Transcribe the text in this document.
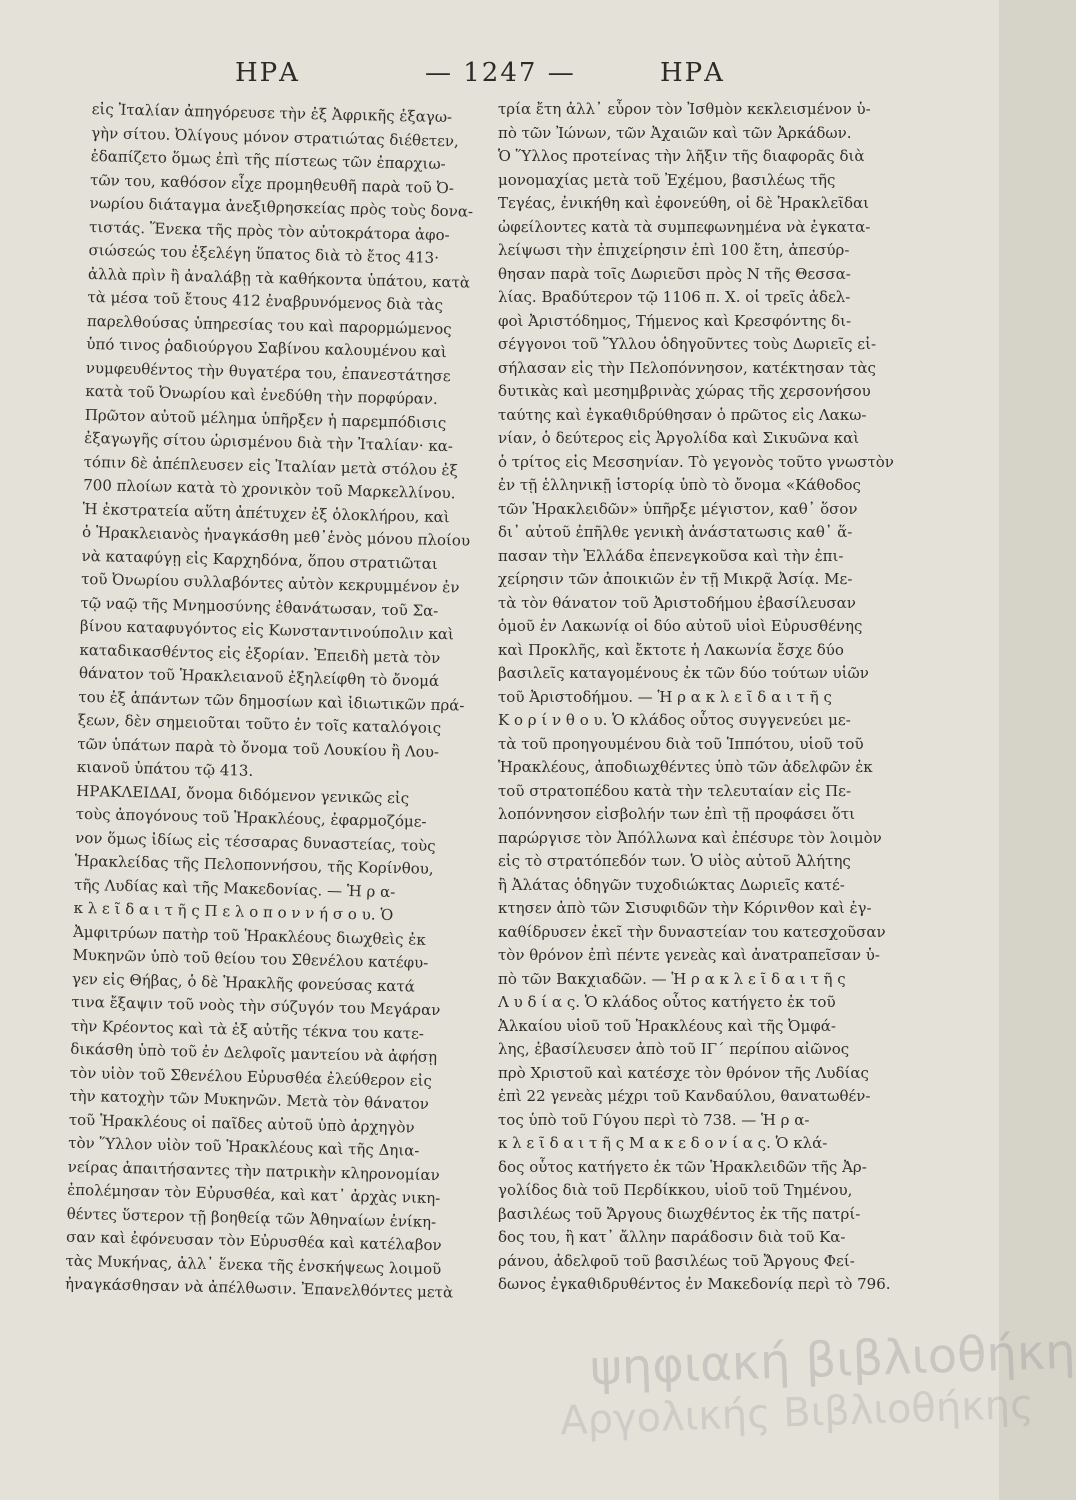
ΗΡΑ	— 1247 —	ΗΡΑ
εἰς Ἰταλίαν ἀπηγόρευσε τὴν ἐξ Ἀφρικῆς ἐξαγω-
γὴν σίτου. Ὀλίγους μόνον στρατιώτας διέθετεν,
ἐδαπίζετο ὅμως ἐπὶ τῆς πίστεως τῶν ἐπαρχιω-
τῶν του, καθόσον εἶχε προμηθευθῆ παρὰ τοῦ Ὀ-
νωρίου διάταγμα ἀνεξιθρησκείας πρὸς τοὺς δονα-
τιστάς. Ἕνεκα τῆς πρὸς τὸν αὐτοκράτορα ἀφο-
σιώσεώς του ἐξελέγη ὕπατος διὰ τὸ ἔτος 413·
ἀλλὰ πρὶν ἢ ἀναλάβῃ τὰ καθήκοντα ὑπάτου, κατὰ
τὰ μέσα τοῦ ἔτους 412 ἐναβρυνόμενος διὰ τὰς
παρελθούσας ὑπηρεσίας του καὶ παρορμώμενος
ὑπό τινος ῥαδιούργου Σαβίνου καλουμένου καὶ
νυμφευθέντος τὴν θυγατέρα του, ἐπανεστάτησε
κατὰ τοῦ Ὀνωρίου καὶ ἐνεδύθη τὴν πορφύραν.
Πρῶτον αὐτοῦ μέλημα ὑπῆρξεν ἡ παρεμπόδισις
ἐξαγωγῆς σίτου ὡρισμένου διὰ τὴν Ἰταλίαν· κα-
τόπιν δὲ ἀπέπλευσεν εἰς Ἰταλίαν μετὰ στόλου ἐξ
700 πλοίων κατὰ τὸ χρονικὸν τοῦ Μαρκελλίνου.
Ἡ ἐκστρατεία αὕτη ἀπέτυχεν ἐξ ὁλοκλήρου, καὶ
ὁ Ἡρακλειανὸς ἠναγκάσθη μεθ᾽ἑνὸς μόνου πλοίου
νὰ καταφύγῃ εἰς Καρχηδόνα, ὅπου στρατιῶται
τοῦ Ὀνωρίου συλλαβόντες αὐτὸν κεκρυμμένον ἐν
τῷ ναῷ τῆς Μνημοσύνης ἐθανάτωσαν, τοῦ Σα-
βίνου καταφυγόντος εἰς Κωνσταντινούπολιν καὶ
καταδικασθέντος εἰς ἐξορίαν. Ἐπειδὴ μετὰ τὸν
θάνατον τοῦ Ἡρακλειανοῦ ἐξηλείφθη τὸ ὄνομά
του ἐξ ἁπάντων τῶν δημοσίων καὶ ἰδιωτικῶν πρά-
ξεων, δὲν σημειοῦται τοῦτο ἐν τοῖς καταλόγοις
τῶν ὑπάτων παρὰ τὸ ὄνομα τοῦ Λουκίου ἢ Λου-
κιανοῦ ὑπάτου τῷ 413.
ΗΡΑΚΛΕΙΔΑΙ, ὄνομα διδόμενον γενικῶς εἰς
τοὺς ἀπογόνους τοῦ Ἡρακλέους, ἐφαρμοζόμε-
νον ὅμως ἰδίως εἰς τέσσαρας δυναστείας, τοὺς
Ἡρακλείδας τῆς Πελοποννήσου, τῆς Κορίνθου,
τῆς Λυδίας καὶ τῆς Μακεδονίας. — Ἡ ρ α-
κ λ ε ῖ δ α ι τ ῆ ς Π ε λ ο π ο ν ν ή σ ο υ. Ὁ
Ἀμφιτρύων πατὴρ τοῦ Ἡρακλέους διωχθεὶς ἐκ
Μυκηνῶν ὑπὸ τοῦ θείου του Σθενέλου κατέφυ-
γεν εἰς Θήβας, ὁ δὲ Ἡρακλῆς φονεύσας κατά
τινα ἔξαψιν τοῦ νοὸς τὴν σύζυγόν του Μεγάραν
τὴν Κρέοντος καὶ τὰ ἐξ αὐτῆς τέκνα του κατε-
δικάσθη ὑπὸ τοῦ ἐν Δελφοῖς μαντείου νὰ ἀφήσῃ
τὸν υἱὸν τοῦ Σθενέλου Εὐρυσθέα ἐλεύθερον εἰς
τὴν κατοχὴν τῶν Μυκηνῶν. Μετὰ τὸν θάνατον
τοῦ Ἡρακλέους οἱ παῖδες αὐτοῦ ὑπὸ ἀρχηγὸν
τὸν Ὕλλον υἱὸν τοῦ Ἡρακλέους καὶ τῆς Δηια-
νείρας ἀπαιτήσαντες τὴν πατρικὴν κληρονομίαν
ἐπολέμησαν τὸν Εὐρυσθέα, καὶ κατ᾽ ἀρχὰς νικη-
θέντες ὕστερον τῇ βοηθείᾳ τῶν Ἀθηναίων ἐνίκη-
σαν καὶ ἐφόνευσαν τὸν Εὐρυσθέα καὶ κατέλαβον
τὰς Μυκήνας, ἀλλ᾽ ἕνεκα τῆς ἐνσκήψεως λοιμοῦ
ἠναγκάσθησαν νὰ ἀπέλθωσιν. Ἐπανελθόντες μετὰ
τρία ἔτη ἀλλ᾽ εὗρον τὸν Ἰσθμὸν κεκλεισμένον ὑ-
πὸ τῶν Ἰώνων, τῶν Ἀχαιῶν καὶ τῶν Ἀρκάδων.
Ὁ Ὕλλος προτείνας τὴν λῆξιν τῆς διαφορᾶς διὰ
μονομαχίας μετὰ τοῦ Ἐχέμου, βασιλέως τῆς
Τεγέας, ἐνικήθη καὶ ἐφονεύθη, οἱ δὲ Ἡρακλεῖδαι
ὠφείλοντες κατὰ τὰ συμπεφωνημένα νὰ ἐγκατα-
λείψωσι τὴν ἐπιχείρησιν ἐπὶ 100 ἔτη, ἀπεσύρ-
θησαν παρὰ τοῖς Δωριεῦσι πρὸς Ν τῆς Θεσσα-
λίας. Βραδύτερον τῷ 1106 π. Χ. οἱ τρεῖς ἀδελ-
φοὶ Ἀριστόδημος, Τήμενος καὶ Κρεσφόντης δι-
σέγγονοι τοῦ Ὕλλου ὁδηγοῦντες τοὺς Δωριεῖς εἰ-
σήλασαν εἰς τὴν Πελοπόννησον, κατέκτησαν τὰς
δυτικὰς καὶ μεσημβρινὰς χώρας τῆς χερσονήσου
ταύτης καὶ ἐγκαθιδρύθησαν ὁ πρῶτος εἰς Λακω-
νίαν, ὁ δεύτερος εἰς Ἀργολίδα καὶ Σικυῶνα καὶ
ὁ τρίτος εἰς Μεσσηνίαν. Τὸ γεγονὸς τοῦτο γνωστὸν
ἐν τῇ ἑλληνικῇ ἱστορίᾳ ὑπὸ τὸ ὄνομα «Κάθοδος
τῶν Ἡρακλειδῶν» ὑπῆρξε μέγιστον, καθ᾽ ὅσον
δι᾽ αὐτοῦ ἐπῆλθε γενικὴ ἀνάστατωσις καθ᾽ ἅ-
πασαν τὴν Ἑλλάδα ἐπενεγκοῦσα καὶ τὴν ἐπι-
χείρησιν τῶν ἀποικιῶν ἐν τῇ Μικρᾷ Ἀσίᾳ. Με-
τὰ τὸν θάνατον τοῦ Ἀριστοδήμου ἐβασίλευσαν
ὁμοῦ ἐν Λακωνίᾳ οἱ δύο αὐτοῦ υἱοὶ Εὐρυσθένης
καὶ Προκλῆς, καὶ ἔκτοτε ἡ Λακωνία ἔσχε δύο
βασιλεῖς καταγομένους ἐκ τῶν δύο τούτων υἱῶν
τοῦ Ἀριστοδήμου. — Ἡ ρ α κ λ ε ῖ δ α ι τ ῆ ς
Κ ο ρ ί ν θ ο υ. Ὁ κλάδος οὗτος συγγενεύει με-
τὰ τοῦ προηγουμένου διὰ τοῦ Ἱππότου, υἱοῦ τοῦ
Ἡρακλέους, ἀποδιωχθέντες ὑπὸ τῶν ἀδελφῶν ἐκ
τοῦ στρατοπέδου κατὰ τὴν τελευταίαν εἰς Πε-
λοπόννησον εἰσβολήν των ἐπὶ τῇ προφάσει ὅτι
παρώργισε τὸν Ἀπόλλωνα καὶ ἐπέσυρε τὸν λοιμὸν
εἰς τὸ στρατόπεδόν των. Ὁ υἱὸς αὐτοῦ Ἀλήτης
ἢ Ἀλάτας ὁδηγῶν τυχοδιώκτας Δωριεῖς κατέ-
κτησεν ἀπὸ τῶν Σισυφιδῶν τὴν Κόρινθον καὶ ἐγ-
καθίδρυσεν ἐκεῖ τὴν δυναστείαν του κατεσχοῦσαν
τὸν θρόνον ἐπὶ πέντε γενεὰς καὶ ἀνατραπεῖσαν ὑ-
πὸ τῶν Βακχιαδῶν. — Ἡ ρ α κ λ ε ῖ δ α ι τ ῆ ς
Λ υ δ ί α ς. Ὁ κλάδος οὗτος κατήγετο ἐκ τοῦ
Ἀλκαίου υἱοῦ τοῦ Ἡρακλέους καὶ τῆς Ὀμφά-
λης, ἐβασίλευσεν ἀπὸ τοῦ ΙΓ´ περίπου αἰῶνος
πρὸ Χριστοῦ καὶ κατέσχε τὸν θρόνον τῆς Λυδίας
ἐπὶ 22 γενεὰς μέχρι τοῦ Κανδαύλου, θανατωθέν-
τος ὑπὸ τοῦ Γύγου περὶ τὸ 738. — Ἡ ρ α-
κ λ ε ῖ δ α ι τ ῆ ς Μ α κ ε δ ο ν ί α ς. Ὁ κλά-
δος οὗτος κατήγετο ἐκ τῶν Ἡρακλειδῶν τῆς Ἀρ-
γολίδος διὰ τοῦ Περδίκκου, υἱοῦ τοῦ Τημένου,
βασιλέως τοῦ Ἄργους διωχθέντος ἐκ τῆς πατρί-
δος του, ἢ κατ᾽ ἄλλην παράδοσιν διὰ τοῦ Κα-
ράνου, ἀδελφοῦ τοῦ βασιλέως τοῦ Ἄργους Φεί-
δωνος ἐγκαθιδρυθέντος ἐν Μακεδονίᾳ περὶ τὸ 796.
ψηφιακή βιβλιοθήκη
Αργολικής Βιβλιοθήκης
